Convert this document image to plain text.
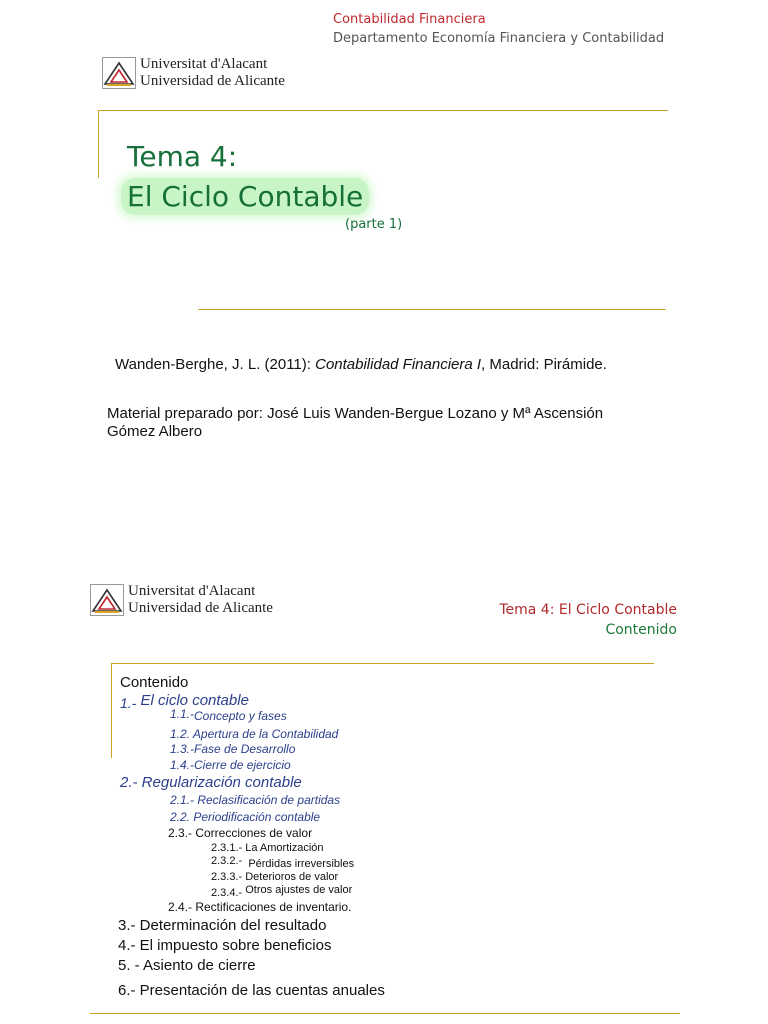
Contabilidad Financiera
Departamento Economía Financiera y Contabilidad
Universitat d'Alacant
Universidad de Alicante
Tema 4:
El Ciclo Contable
(parte 1)
Wanden-Berghe, J. L. (2011): Contabilidad Financiera I, Madrid: Pirámide.
Material preparado por: José Luis Wanden-Bergue Lozano y Mª Ascensión
Gómez Albero
Universitat d'Alacant
Universidad de Alicante	Tema 4: El Ciclo Contable
Contenido
Contenido
1.- El ciclo contable
1.1.-Concepto y fases
1.2. Apertura de la Contabilidad
1.3.-Fase de Desarrollo
1.4.-Cierre de ejercicio
2.- Regularización contable
2.1.- Reclasificación de partidas
2.2. Periodificación contable
2.3.- Correcciones de valor
2.3.1.- La Amortización
2.3.2.- Pérdidas irreversibles
2.3.3.- Deterioros de valor
2.3.4.- Otros ajustes de valor
2.4.- Rectificaciones de inventario.
3.- Determinación del resultado
4.- El impuesto sobre beneficios
5. - Asiento de cierre
6.- Presentación de las cuentas anuales
